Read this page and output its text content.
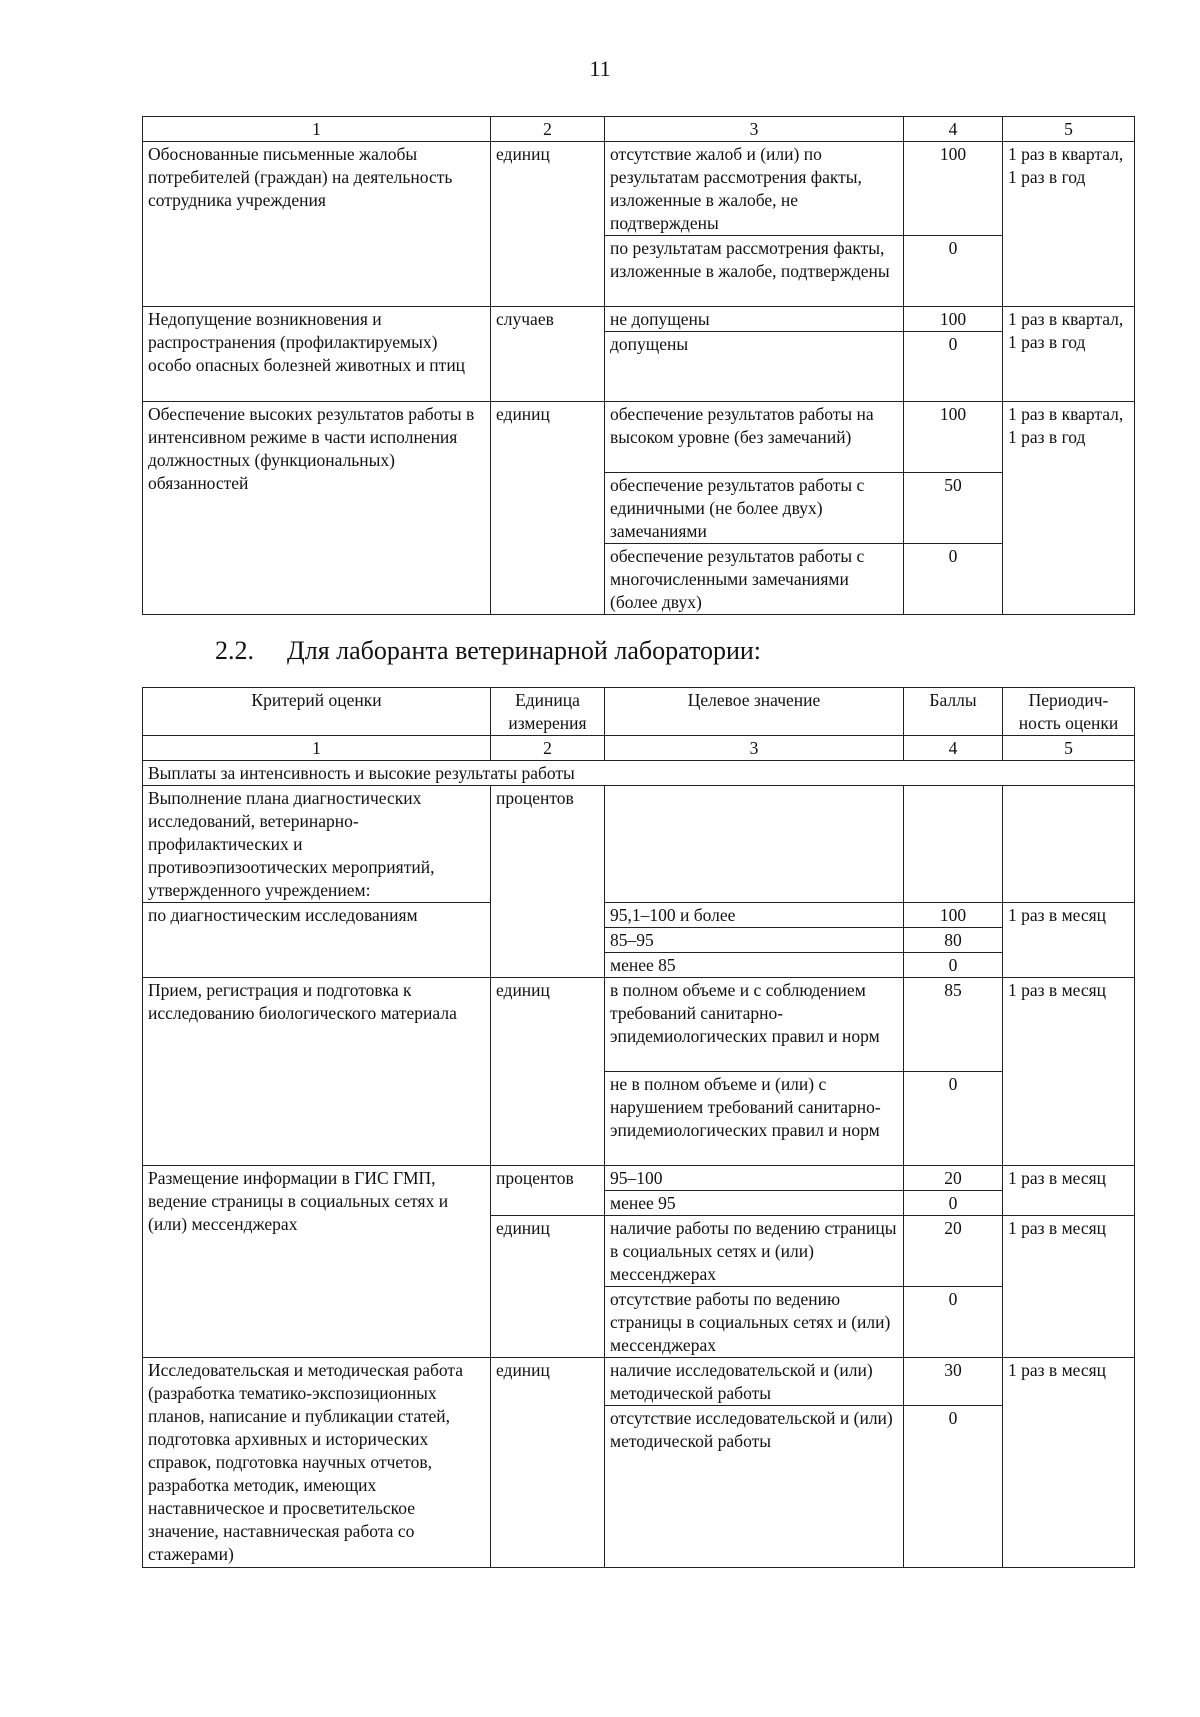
11
1	2	3	4	5
Обоснованные письменные жалобы потребителей (граждан) на деятельность сотрудника учреждения	единиц	отсутствие жалоб и (или) по результатам рассмотрения факты, изложенные в жалобе, не подтверждены	100	1 раз в квартал, 1 раз в год
		по результатам рассмотрения факты, изложенные в жалобе, подтверждены	0	
Недопущение возникновения и распространения (профилактируемых) особо опасных болезней животных и птиц	случаев	не допущены	100	1 раз в квартал, 1 раз в год
		допущены	0	
Обеспечение высоких результатов работы в интенсивном режиме в части исполнения должностных (функциональных) обязанностей	единиц	обеспечение результатов работы на высоком уровне (без замечаний)	100	1 раз в квартал, 1 раз в год
		обеспечение результатов работы с единичными (не более двух) замечаниями	50	
		обеспечение результатов работы с многочисленными замечаниями (более двух)	0	
2.2. Для лаборанта ветеринарной лаборатории:
Критерий оценки	Единица измерения	Целевое значение	Баллы	Периодич-ность оценки
1	2	3	4	5
Выплаты за интенсивность и высокие результаты работы				
Выполнение плана диагностических исследований, ветеринарно-профилактических и противоэпизоотических мероприятий, утвержденного учреждением:	процентов			
по диагностическим исследованиям		95,1–100 и более	100	1 раз в месяц
		85–95	80	
		менее 85	0	
Прием, регистрация и подготовка к исследованию биологического материала	единиц	в полном объеме и с соблюдением требований санитарно-эпидемиологических правил и норм	85	1 раз в месяц
		не в полном объеме и (или) с нарушением требований санитарно-эпидемиологических правил и норм	0	
Размещение информации в ГИС ГМП, ведение страницы в социальных сетях и (или) мессенджерах	процентов	95–100	20	1 раз в месяц
		менее 95	0	
	единиц	наличие работы по ведению страницы в социальных сетях и (или) мессенджерах	20	1 раз в месяц
		отсутствие работы по ведению страницы в социальных сетях и (или) мессенджерах	0	
Исследовательская и методическая работа (разработка тематико-экспозиционных планов, написание и публикации статей, подготовка архивных и исторических справок, подготовка научных отчетов, разработка методик, имеющих наставническое и просветительское значение, наставническая работа со стажерами)	единиц	наличие исследовательской и (или) методической работы	30	1 раз в месяц
		отсутствие исследовательской и (или) методической работы	0	
